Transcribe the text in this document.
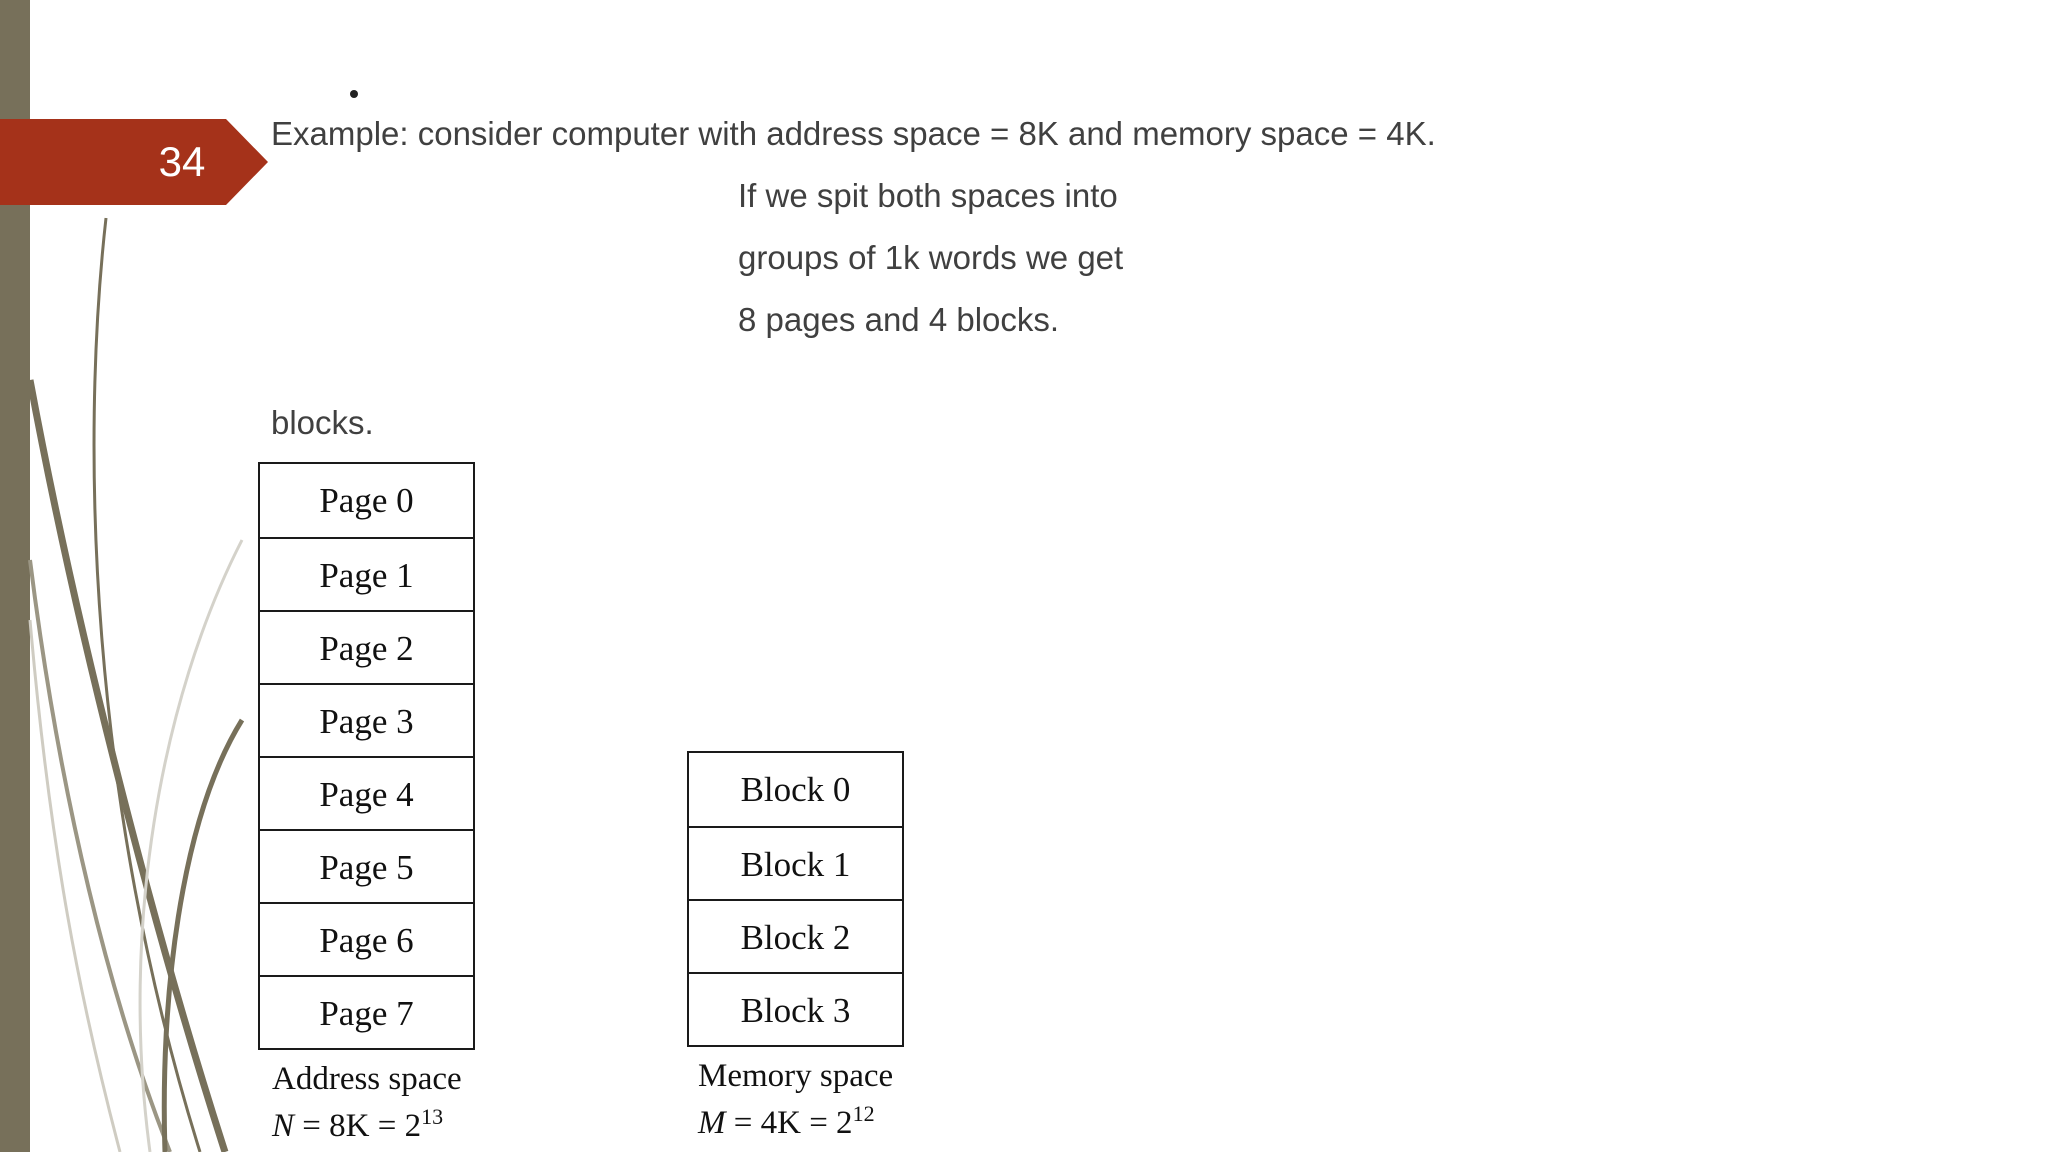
34
Example: consider computer with address space = 8K and memory space = 4K.
If we spit both spaces into
groups of 1k words we get
8 pages and 4 blocks.
blocks.
Page 0
Page 1
Page 2
Page 3
Page 4
Page 5
Page 6
Page 7
Address space
$N = 8K = 2^{13}$
Block 0
Block 1
Block 2
Block 3
Memory space
$M = 4K = 2^{12}$
